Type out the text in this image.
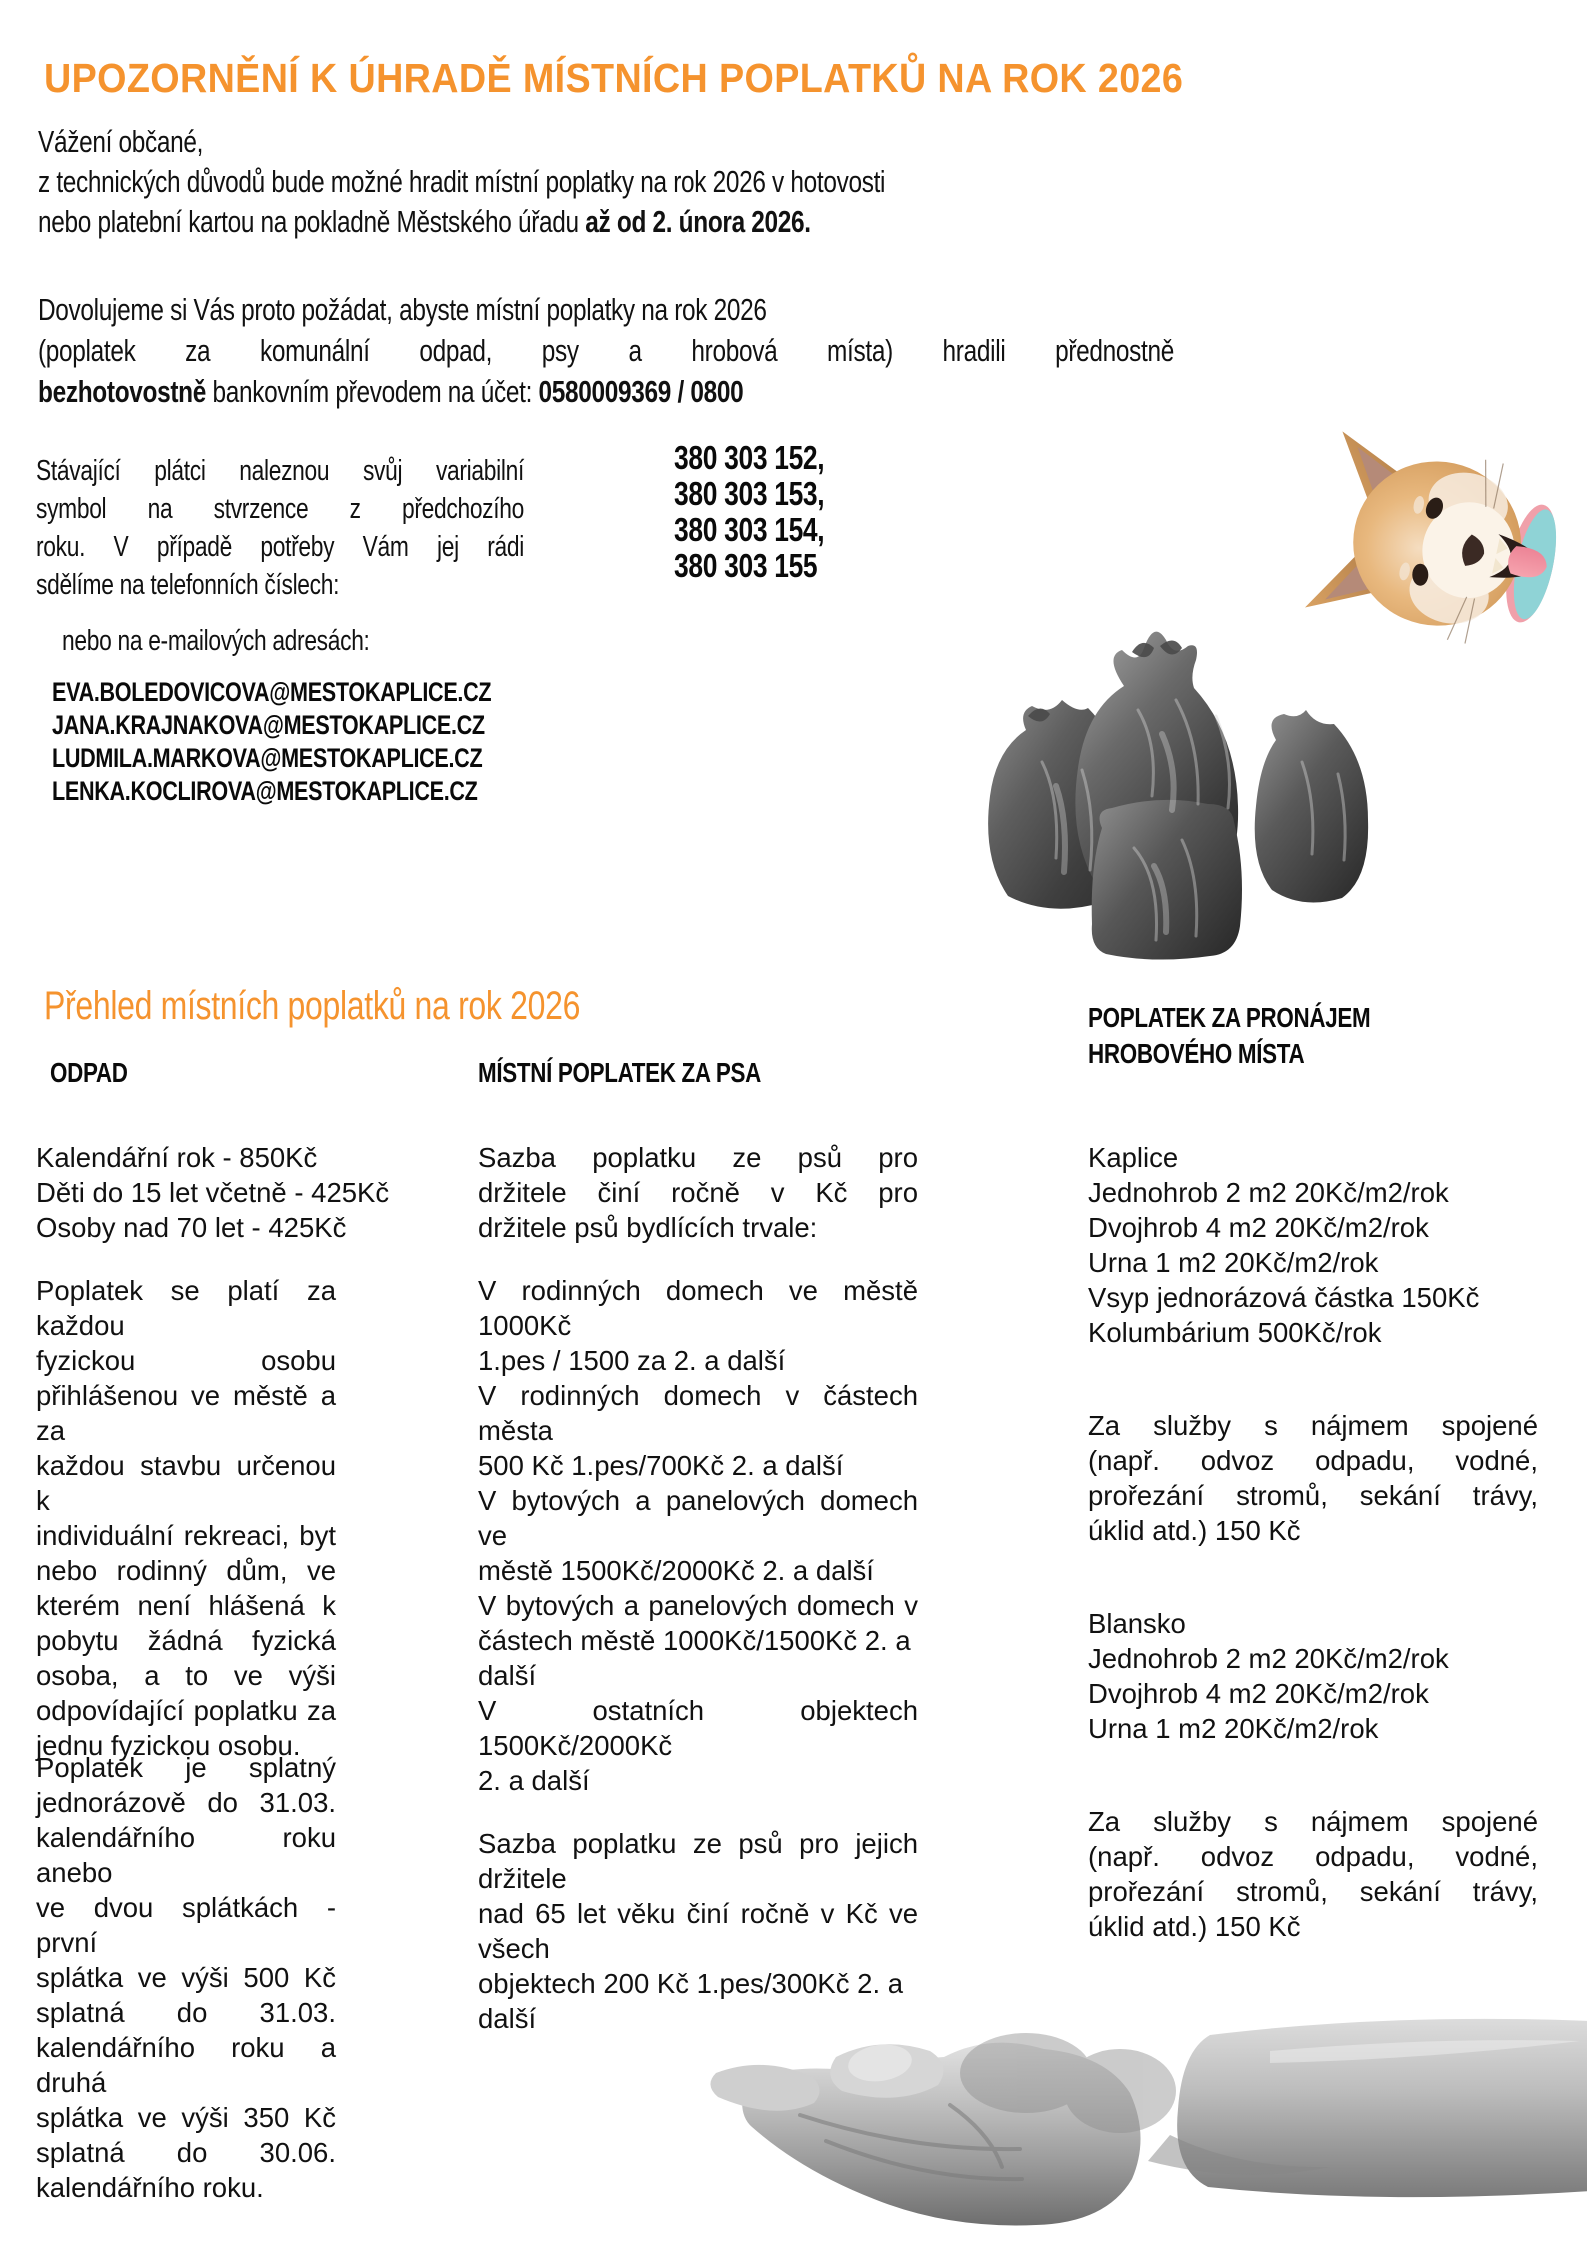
UPOZORNĚNÍ K ÚHRADĚ MÍSTNÍCH POPLATKŮ NA ROK 2026
Vážení občané,
z technických důvodů bude možné hradit místní poplatky na rok 2026 v hotovosti
nebo platební kartou na pokladně Městského úřadu až od 2. února 2026.
Dovolujeme si Vás proto požádat, abyste místní poplatky na rok 2026
(poplatek za komunální odpad, psy a hrobová místa) hradili přednostně
bezhotovostně bankovním převodem na účet: 0580009369 / 0800
Stávající plátci naleznou svůj variabilní
symbol na stvrzence z předchozího
roku. V případě potřeby Vám jej rádi
sdělíme na telefonních číslech:
380 303 152,
380 303 153,
380 303 154,
380 303 155
nebo na e-mailových adresách:
EVA.BOLEDOVICOVA@MESTOKAPLICE.CZ
JANA.KRAJNAKOVA@MESTOKAPLICE.CZ
LUDMILA.MARKOVA@MESTOKAPLICE.CZ
LENKA.KOCLIROVA@MESTOKAPLICE.CZ
Přehled místních poplatků na rok 2026
ODPAD	MÍSTNÍ POPLATEK ZA PSA
POPLATEK ZA PRONÁJEM
HROBOVÉHO MÍSTA

Kalendářní rok - 850Kč
Děti do 15 let včetně - 425Kč
Osoby nad 70 let - 425Kč

Poplatek se platí za každou
fyzickou osobu
přihlášenou ve městě a za
každou stavbu určenou k
individuální rekreaci, byt
nebo rodinný dům, ve
kterém není hlášená k
pobytu žádná fyzická
osoba, a to ve výši
odpovídající poplatku za
jednu fyzickou osobu.

Poplatek je splatný
jednorázově do 31.03.
kalendářního roku anebo
ve dvou splátkách - první
splátka ve výši 500 Kč
splatná do 31.03.
kalendářního roku a druhá
splátka ve výši 350 Kč
splatná do 30.06.
kalendářního roku.

Sazba poplatku ze psů pro
držitele činí ročně v Kč pro
držitele psů bydlících trvale:

V rodinných domech ve městě 1000Kč
1.pes / 1500 za 2. a další
V rodinných domech v částech města
500 Kč 1.pes/700Kč 2. a další
V bytových a panelových domech ve
městě 1500Kč/2000Kč 2. a další
V bytových a panelových domech v
částech městě 1000Kč/1500Kč 2. a další
V ostatních objektech 1500Kč/2000Kč
2. a další

Sazba poplatku ze psů pro jejich držitele
nad 65 let věku činí ročně v Kč ve všech
objektech 200 Kč 1.pes/300Kč 2. a další

Kaplice
Jednohrob 2 m2 20Kč/m2/rok
Dvojhrob 4 m2 20Kč/m2/rok
Urna 1 m2 20Kč/m2/rok
Vsyp jednorázová částka 150Kč
Kolumbárium 500Kč/rok

Za služby s nájmem spojené
(např. odvoz odpadu, vodné,
prořezání stromů, sekání trávy,
úklid atd.) 150 Kč

Blansko
Jednohrob 2 m2 20Kč/m2/rok
Dvojhrob 4 m2 20Kč/m2/rok
Urna 1 m2 20Kč/m2/rok

Za služby s nájmem spojené
(např. odvoz odpadu, vodné,
prořezání stromů, sekání trávy,
úklid atd.) 150 Kč
